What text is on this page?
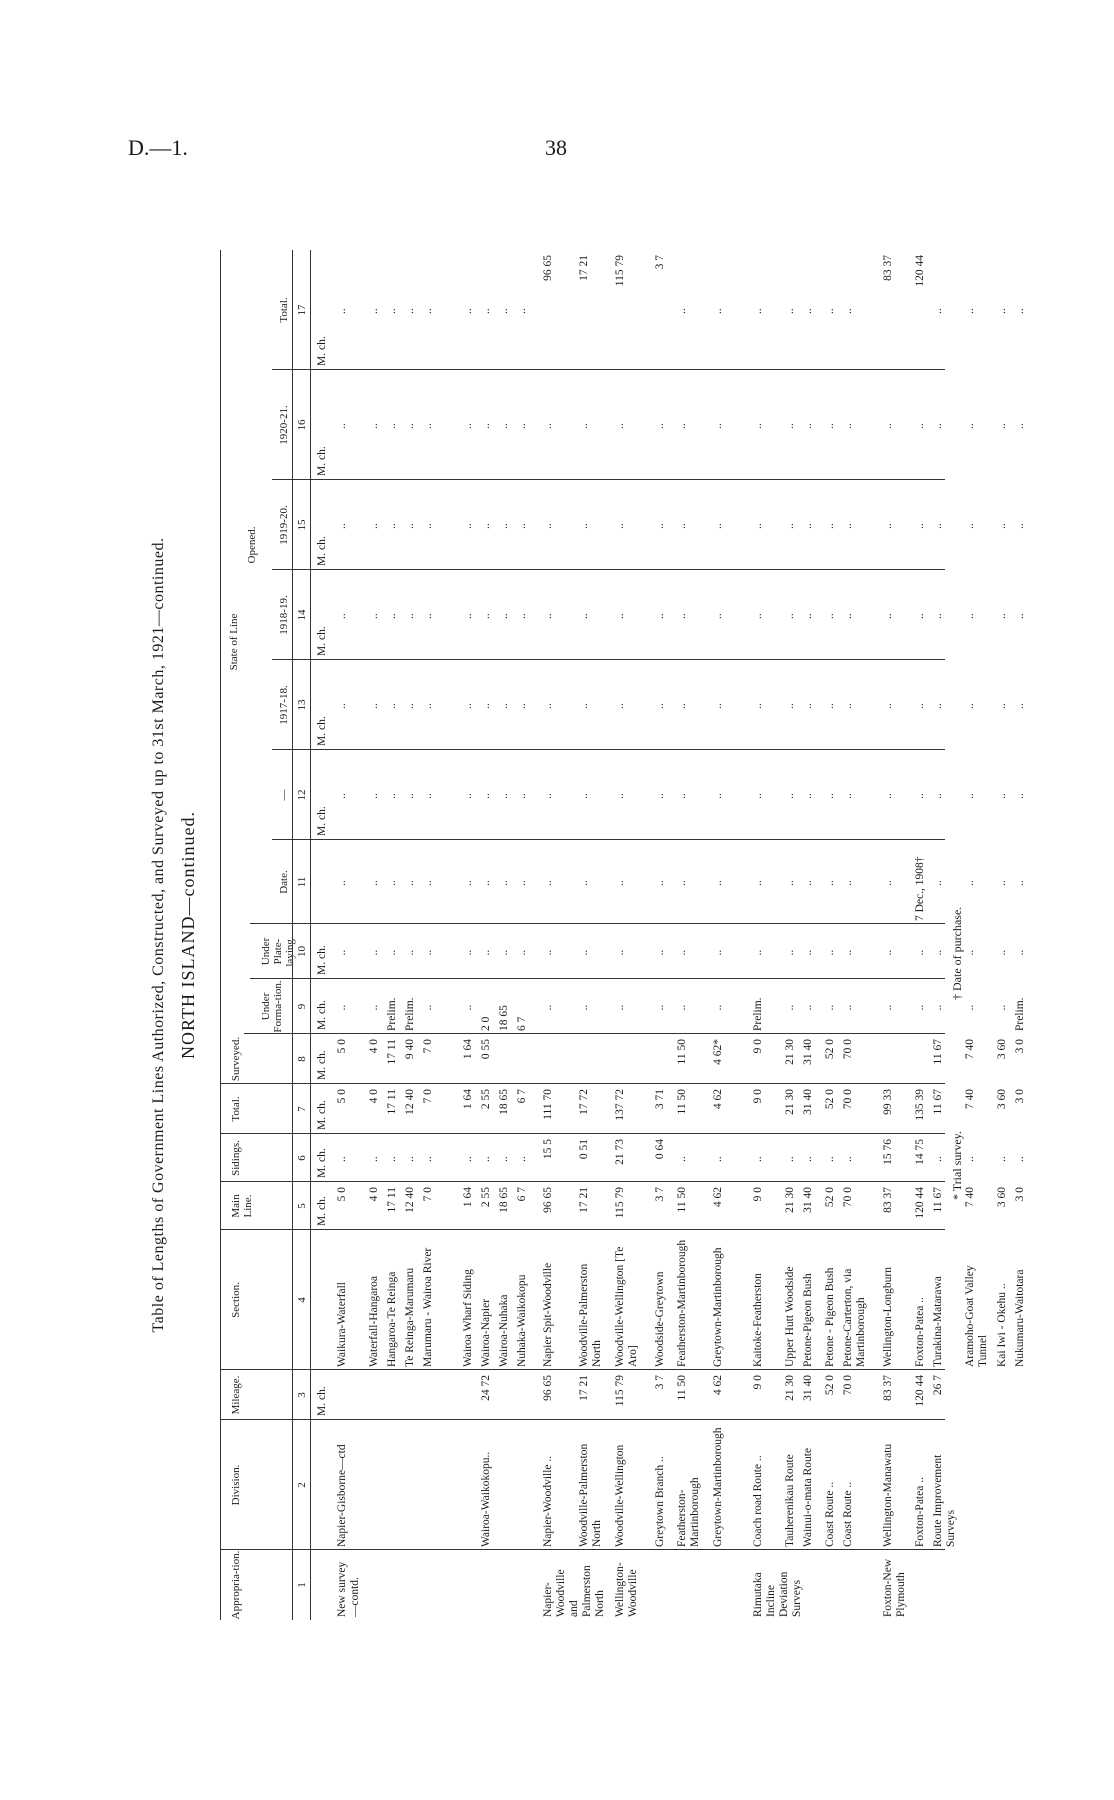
D.—1.	38
Table of Lengths of Government Lines Authorized, Constructed, and Surveyed up to 31st March, 1921—continued. NORTH ISLAND—continued.
Appropria-tion.
Division.
Mileage.
Section.
Main Line.
Sidings.
Total.
Surveyed.
Under Forma-tion.
Under Plate-laying.
State of Line
Opened.
Date.
—
1917-18.
1918-19.
1919-20.
1920-21.
Total.
1
2
3
4
5
6
7
8
9
10
11
12
13
14
15
16
17
M. ch.
M. ch.
M. ch.
M. ch.
M. ch.
M. ch.
M. ch.
M. ch.
M. ch.
M. ch.
M. ch.
M. ch.
M. ch.
New survey —contd.
Napier-Gisborne—ctd
Waikura-Waterfall
5 0
..
5 0
5 0
..
..
..
..
..
..
..
..
..
Waterfall-Hangaroa
4 0
..
4 0
4 0
..
..
..
..
..
..
..
..
..
Hangaroa-Te Reinga
17 11
..
17 11
17 11
Prelim.
..
..
..
..
..
..
..
..
Te Reinga-Marumaru
12 40
..
12 40
9 40
Prelim.
..
..
..
..
..
..
..
..
Marumaru - Wairoa River
7 0
..
7 0
7 0
..
..
..
..
..
..
..
..
..
Wairoa Wharf Siding
1 64
..
1 64
1 64
..
..
..
..
..
..
..
..
..
Wairoa-Waikokopu..
24 72
Wairoa-Napier
2 55
..
2 55
0 55
2 0
..
..
..
..
..
..
..
..
Wairoa-Nuhaka
18 65
..
18 65
18 65
..
..
..
..
..
..
..
..
Nuhaka-Waikokopu
6 7
..
6 7
6 7
..
..
..
..
..
..
..
..
Napier-Woodville and Palmerston North
Napier-Woodville ..
96 65
Napier Spit-Woodville
96 65
15 5
111 70
..
..
..
..
..
..
..
..
96 65
Woodville-Palmerston North
17 21
Woodville-Palmerston North
17 21
0 51
17 72
..
..
..
..
..
..
..
..
17 21
Wellington-Woodville
Woodville-Wellington
115 79
Woodville-Wellington [Te Aro]
115 79
21 73
137 72
..
..
..
..
..
..
..
..
115 79
Greytown Branch ..
3 7
Woodside-Greytown
3 7
0 64
3 71
..
..
..
..
..
..
..
..
3 7
Featherston-Martinborough
11 50
Featherston-Martinborough
11 50
..
11 50
11 50
..
..
..
..
..
..
..
..
..
Greytown-Martinborough
4 62
Greytown-Martinborough
4 62
..
4 62
4 62*
..
..
..
..
..
..
..
..
..
Rimutaka Incline Deviation Surveys
Coach road Route ..
9 0
Kaitoke-Featherston
9 0
..
9 0
9 0
Prelim.
..
..
..
..
..
..
..
..
Tauherenikau Route
21 30
Upper Hutt Woodside
21 30
..
21 30
21 30
..
..
..
..
..
..
..
..
..
Wainui-o-mata Route
31 40
Petone-Pigeon Bush
31 40
..
31 40
31 40
..
..
..
..
..
..
..
..
..
Coast Route ..
52 0
Petone - Pigeon Bush
52 0
..
52 0
52 0
..
..
..
..
..
..
..
..
..
Coast Route ..
70 0
Petone-Carterton, via Martinborough
70 0
..
70 0
70 0
..
..
..
..
..
..
..
..
..
Foxton-New Plymouth
Wellington-Manawatu
83 37
Wellington-Longburn
83 37
15 76
99 33
..
..
..
..
..
..
..
..
83 37
Foxton-Patea ..
120 44
Foxton-Patea ..
120 44
14 75
135 39
..
..
7 Dec., 1908†
..
..
..
..
..
120 44
Route Improvement Surveys
26 7
Turakina-Matarawa
11 67
..
11 67
11 67
..
..
..
..
..
..
..
..
..
Aramoho-Goat Valley Tunnel
7 40
..
7 40
7 40
..
..
..
..
..
..
..
..
..
Kai Iwi - Okehu ..
3 60
..
3 60
3 60
..
..
..
..
..
..
..
..
..
Nukumaru-Waitotara
3 0
..
3 0
3 0
Prelim.
..
..
..
..
..
..
..
..
* Trial survey.
† Date of purchase.
